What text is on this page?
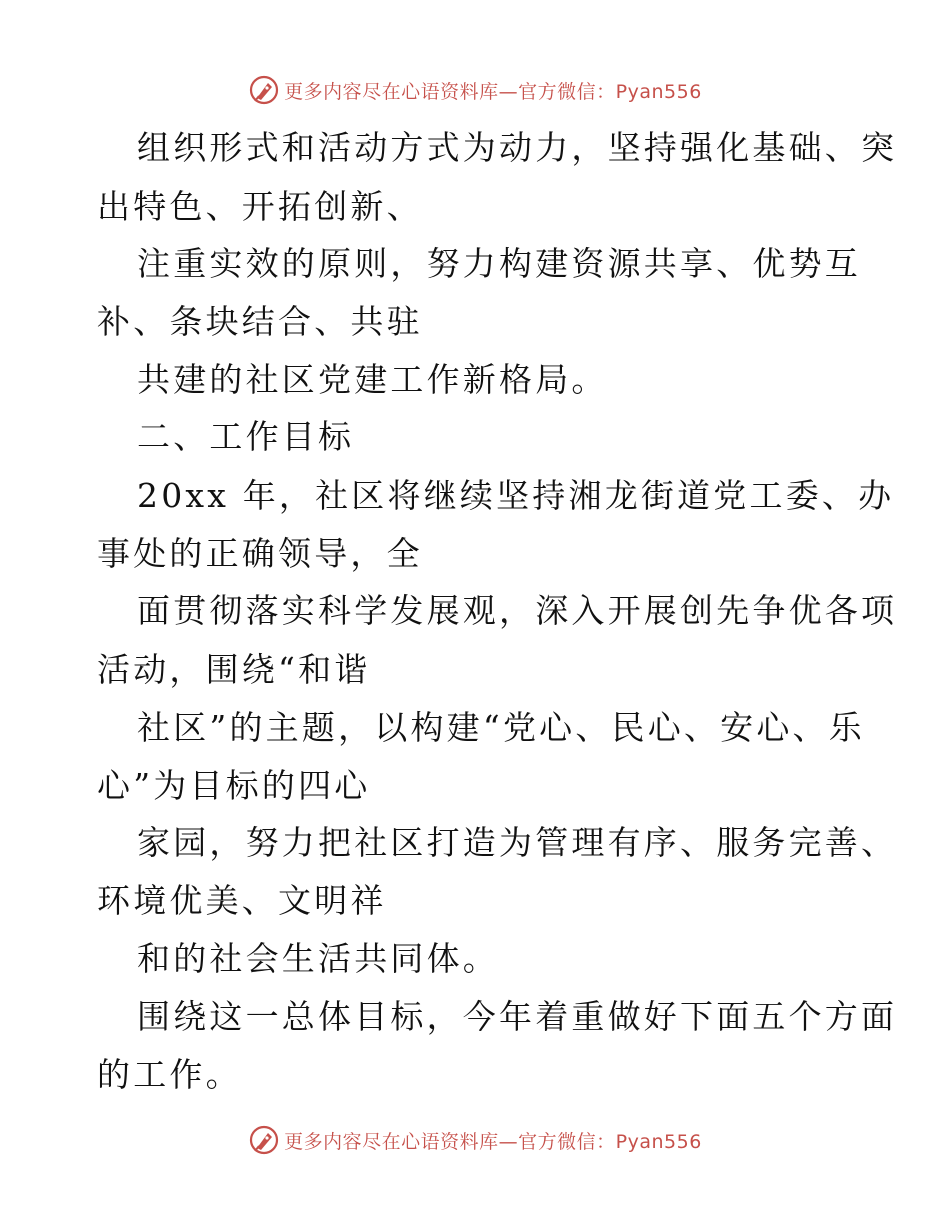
更多内容尽在心语资料库—官方微信：Pyan556
组织形式和活动方式为动力，坚持强化基础、突
出特色、开拓创新、
注重实效的原则，努力构建资源共享、优势互
补、条块结合、共驻
共建的社区党建工作新格局。
二、工作目标
20xx 年，社区将继续坚持湘龙街道党工委、办
事处的正确领导，全
面贯彻落实科学发展观，深入开展创先争优各项
活动，围绕“和谐
社区”的主题，以构建“党心、民心、安心、乐
心”为目标的四心
家园，努力把社区打造为管理有序、服务完善、
环境优美、文明祥
和的社会生活共同体。
围绕这一总体目标，今年着重做好下面五个方面
的工作。
更多内容尽在心语资料库—官方微信：Pyan556
